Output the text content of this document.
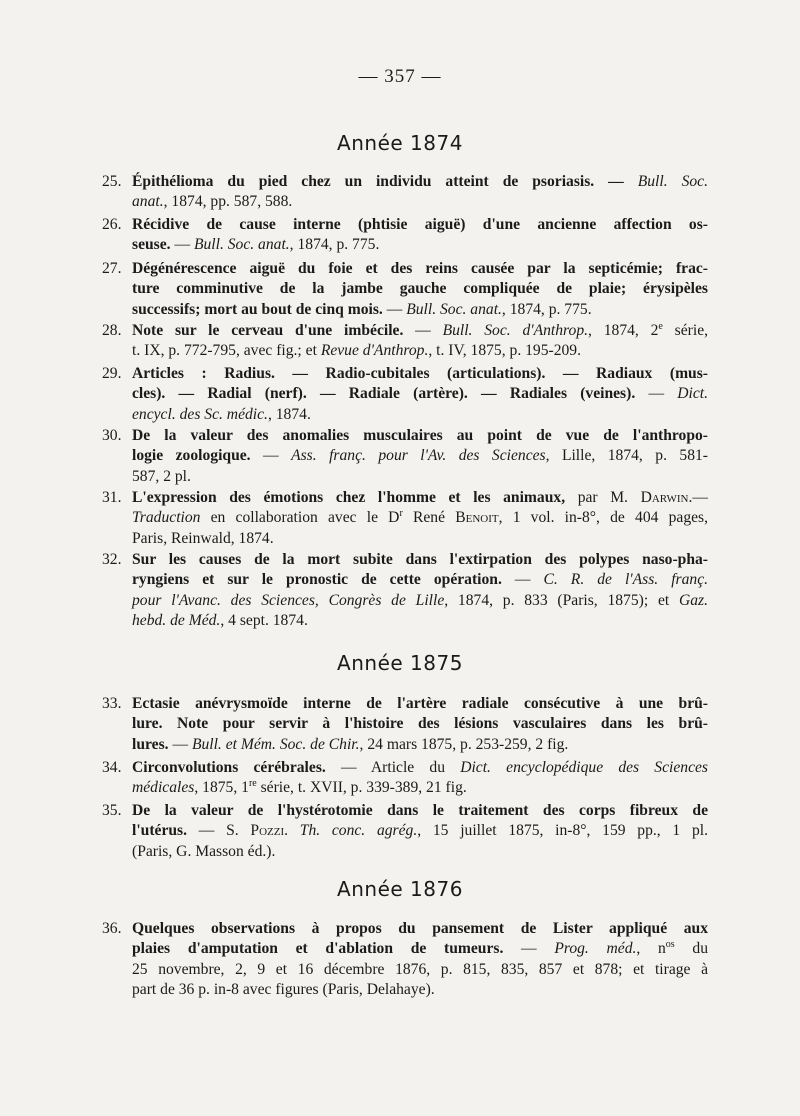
— 357 —
Année 1874
25. Épithélioma du pied chez un individu atteint de psoriasis. — Bull. Soc.
anat., 1874, pp. 587, 588.
26. Récidive de cause interne (phtisie aiguë) d'une ancienne affection os-
seuse. — Bull. Soc. anat., 1874, p. 775.
27. Dégénérescence aiguë du foie et des reins causée par la septicémie; frac-
ture comminutive de la jambe gauche compliquée de plaie; érysipèles
successifs; mort au bout de cinq mois. — Bull. Soc. anat., 1874, p. 775.
28. Note sur le cerveau d'une imbécile. — Bull. Soc. d'Anthrop., 1874, 2e série,
t. IX, p. 772-795, avec fig.; et Revue d'Anthrop., t. IV, 1875, p. 195-209.
29. Articles : Radius. — Radio-cubitales (articulations). — Radiaux (mus-
cles). — Radial (nerf). — Radiale (artère). — Radiales (veines). — Dict.
encycl. des Sc. médic., 1874.
30. De la valeur des anomalies musculaires au point de vue de l'anthropo-
logie zoologique. — Ass. franç. pour l'Av. des Sciences, Lille, 1874, p. 581-
587, 2 pl.
31. L'expression des émotions chez l'homme et les animaux, par M. Darwin.—
Traduction en collaboration avec le $D^r$ René Benoit, 1 vol. in-8°, de 404 pages,
Paris, Reinwald, 1874.
32. Sur les causes de la mort subite dans l'extirpation des polypes naso-pha-
ryngiens et sur le pronostic de cette opération. — C. R. de l'Ass. franç.
pour l'Avanc. des Sciences, Congrès de Lille, 1874, p. 833 (Paris, 1875); et Gaz.
hebd. de Méd., 4 sept. 1874.
Année 1875
33. Ectasie anévrysmoïde interne de l'artère radiale consécutive à une brû-
lure. Note pour servir à l'histoire des lésions vasculaires dans les brû-
lures. — Bull. et Mém. Soc. de Chir., 24 mars 1875, p. 253-259, 2 fig.
34. Circonvolutions cérébrales. — Article du Dict. encyclopédique des Sciences
médicales, 1875, 1re série, t. XVII, p. 339-389, 21 fig.
35. De la valeur de l'hystérotomie dans le traitement des corps fibreux de
l'utérus. — S. Pozzi. Th. conc. agrég., 15 juillet 1875, in-8°, 159 pp., 1 pl.
(Paris, G. Masson éd.).
Année 1876
36. Quelques observations à propos du pansement de Lister appliqué aux
plaies d'amputation et d'ablation de tumeurs. — Prog. méd., $n^{os}$ du
25 novembre, 2, 9 et 16 décembre 1876, p. 815, 835, 857 et 878; et tirage à
part de 36 p. in-8 avec figures (Paris, Delahaye).
